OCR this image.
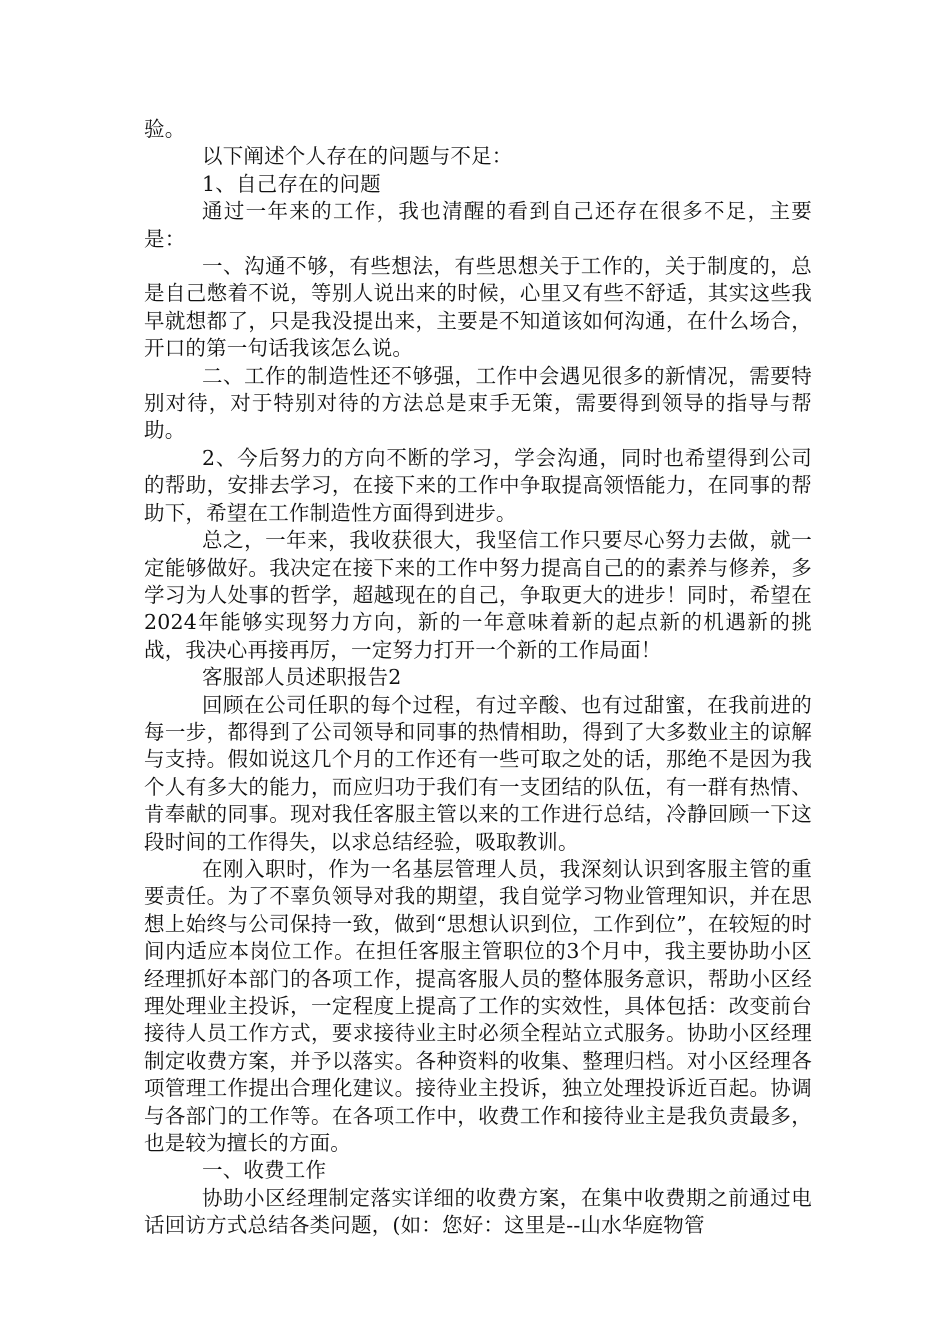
验。

以下阐述个人存在的问题与不足：

1、自己存在的问题

通过一年来的工作，我也清醒的看到自己还存在很多不足，主要是：

一、沟通不够，有些想法，有些思想关于工作的，关于制度的，总是自己憋着不说，等别人说出来的时候，心里又有些不舒适，其实这些我早就想都了，只是我没提出来，主要是不知道该如何沟通，在什么场合，开口的第一句话我该怎么说。

二、工作的制造性还不够强，工作中会遇见很多的新情况，需要特别对待，对于特别对待的方法总是束手无策，需要得到领导的指导与帮助。

2、今后努力的方向不断的学习，学会沟通，同时也希望得到公司的帮助，安排去学习，在接下来的工作中争取提高领悟能力，在同事的帮助下，希望在工作制造性方面得到进步。

总之，一年来，我收获很大，我坚信工作只要尽心努力去做，就一定能够做好。我决定在接下来的工作中努力提高自己的的素养与修养，多学习为人处事的哲学，超越现在的自己，争取更大的进步！同时，希望在2024年能够实现努力方向，新的一年意味着新的起点新的机遇新的挑战，我决心再接再厉，一定努力打开一个新的工作局面！

客服部人员述职报告2

回顾在公司任职的每个过程，有过辛酸、也有过甜蜜，在我前进的每一步，都得到了公司领导和同事的热情相助，得到了大多数业主的谅解与支持。假如说这几个月的工作还有一些可取之处的话，那绝不是因为我个人有多大的能力，而应归功于我们有一支团结的队伍，有一群有热情、肯奉献的同事。现对我任客服主管以来的工作进行总结，冷静回顾一下这段时间的工作得失，以求总结经验，吸取教训。

在刚入职时，作为一名基层管理人员，我深刻认识到客服主管的重要责任。为了不辜负领导对我的期望，我自觉学习物业管理知识，并在思想上始终与公司保持一致，做到“思想认识到位，工作到位”，在较短的时间内适应本岗位工作。在担任客服主管职位的3个月中，我主要协助小区经理抓好本部门的各项工作，提高客服人员的整体服务意识，帮助小区经理处理业主投诉，一定程度上提高了工作的实效性，具体包括：改变前台接待人员工作方式，要求接待业主时必须全程站立式服务。协助小区经理制定收费方案，并予以落实。各种资料的收集、整理归档。对小区经理各项管理工作提出合理化建议。接待业主投诉，独立处理投诉近百起。协调与各部门的工作等。在各项工作中，收费工作和接待业主是我负责最多，也是较为擅长的方面。

一、收费工作

协助小区经理制定落实详细的收费方案，在集中收费期之前通过电话回访方式总结各类问题，(如：您好：这里是--山水华庭物管
